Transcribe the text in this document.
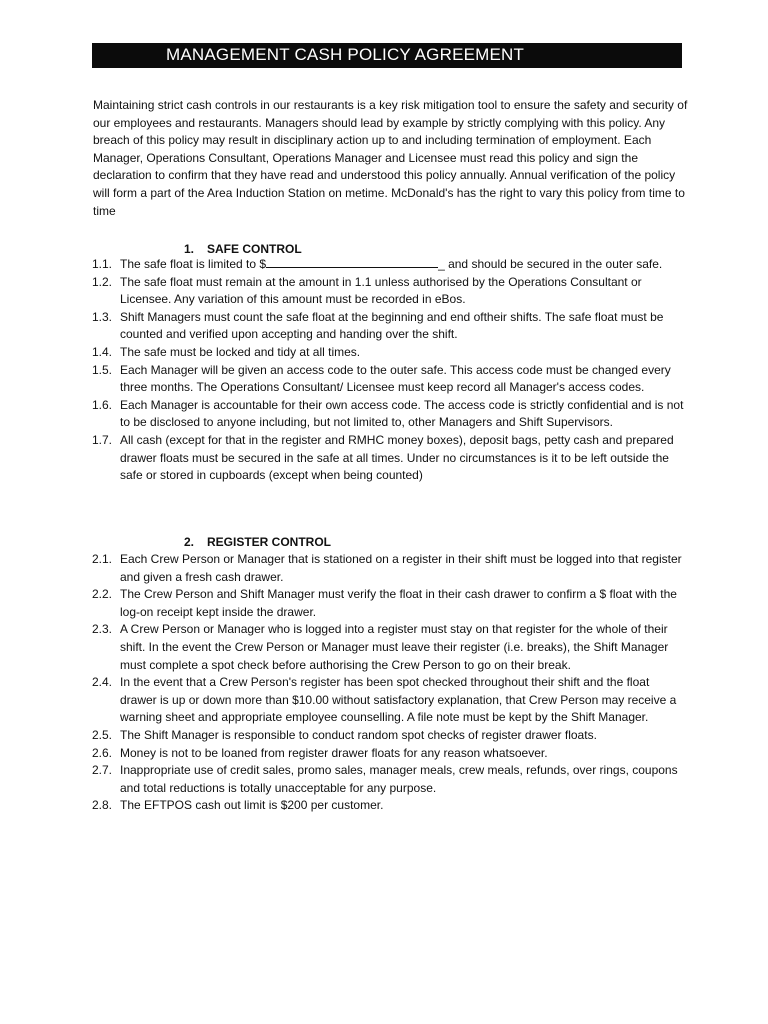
MANAGEMENT CASH POLICY AGREEMENT

Maintaining strict cash controls in our restaurants is a key risk mitigation tool to ensure the safety and security of our employees and restaurants. Managers should lead by example by strictly complying with this policy. Any breach of this policy may result in disciplinary action up to and including termination of employment. Each Manager, Operations Consultant, Operations Manager and Licensee must read this policy and sign the declaration to confirm that they have read and understood this policy annually. Annual verification of the policy will form a part of the Area Induction Station on metime. McDonald's has the right to vary this policy from time to time

1. SAFE CONTROL
1.1. The safe float is limited to $	_ and should be secured in the outer safe.
1.2. The safe float must remain at the amount in 1.1 unless authorised by the Operations Consultant or Licensee. Any variation of this amount must be recorded in eBos.
1.3. Shift Managers must count the safe float at the beginning and end oftheir shifts. The safe float must be counted and verified upon accepting and handing over the shift.
1.4. The safe must be locked and tidy at all times.
1.5. Each Manager will be given an access code to the outer safe. This access code must be changed every three months. The Operations Consultant/ Licensee must keep record all Manager's access codes.
1.6. Each Manager is accountable for their own access code. The access code is strictly confidential and is not to be disclosed to anyone including, but not limited to, other Managers and Shift Supervisors.
1.7. All cash (except for that in the register and RMHC money boxes), deposit bags, petty cash and prepared drawer floats must be secured in the safe at all times. Under no circumstances is it to be left outside the safe or stored in cupboards (except when being counted)
2. REGISTER CONTROL
2.1. Each Crew Person or Manager that is stationed on a register in their shift must be logged into that register and given a fresh cash drawer.
2.2. The Crew Person and Shift Manager must verify the float in their cash drawer to confirm a $ float with the log-on receipt kept inside the drawer.
2.3. A Crew Person or Manager who is logged into a register must stay on that register for the whole of their shift. In the event the Crew Person or Manager must leave their register (i.e. breaks), the Shift Manager must complete a spot check before authorising the Crew Person to go on their break.
2.4. In the event that a Crew Person's register has been spot checked throughout their shift and the float drawer is up or down more than $10.00 without satisfactory explanation, that Crew Person may receive a warning sheet and appropriate employee counselling. A file note must be kept by the Shift Manager.
2.5. The Shift Manager is responsible to conduct random spot checks of register drawer floats.
2.6. Money is not to be loaned from register drawer floats for any reason whatsoever.
2.7. Inappropriate use of credit sales, promo sales, manager meals, crew meals, refunds, over rings, coupons and total reductions is totally unacceptable for any purpose.
2.8. The EFTPOS cash out limit is $200 per customer.
